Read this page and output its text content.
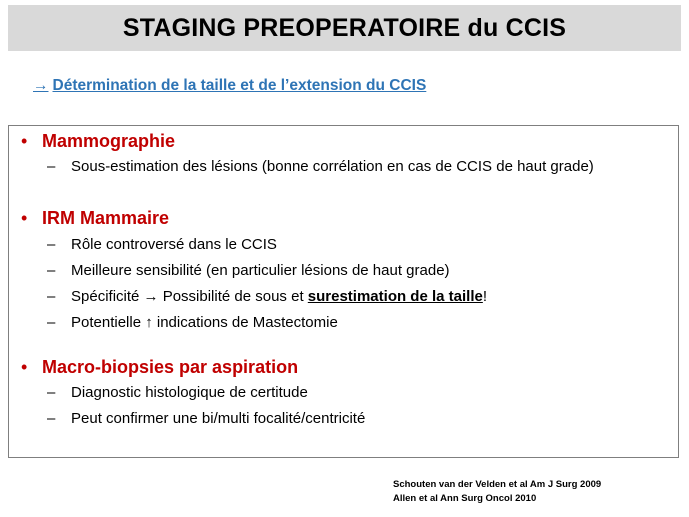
STAGING PREOPERATOIRE du CCIS
→ Détermination de la taille et de l’extension du CCIS
• Mammographie
– Sous-estimation des lésions (bonne corrélation en cas de CCIS de haut grade)
• IRM Mammaire
– Rôle controversé dans le CCIS
– Meilleure sensibilité (en particulier lésions de haut grade)
– Spécificité → Possibilité de sous et surestimation de la taille!
– Potentielle ↑ indications de Mastectomie
• Macro-biopsies par aspiration
– Diagnostic histologique de certitude
– Peut confirmer une bi/multi focalité/centricité
Schouten van der Velden et al Am J Surg 2009
Allen et al Ann Surg Oncol 2010
